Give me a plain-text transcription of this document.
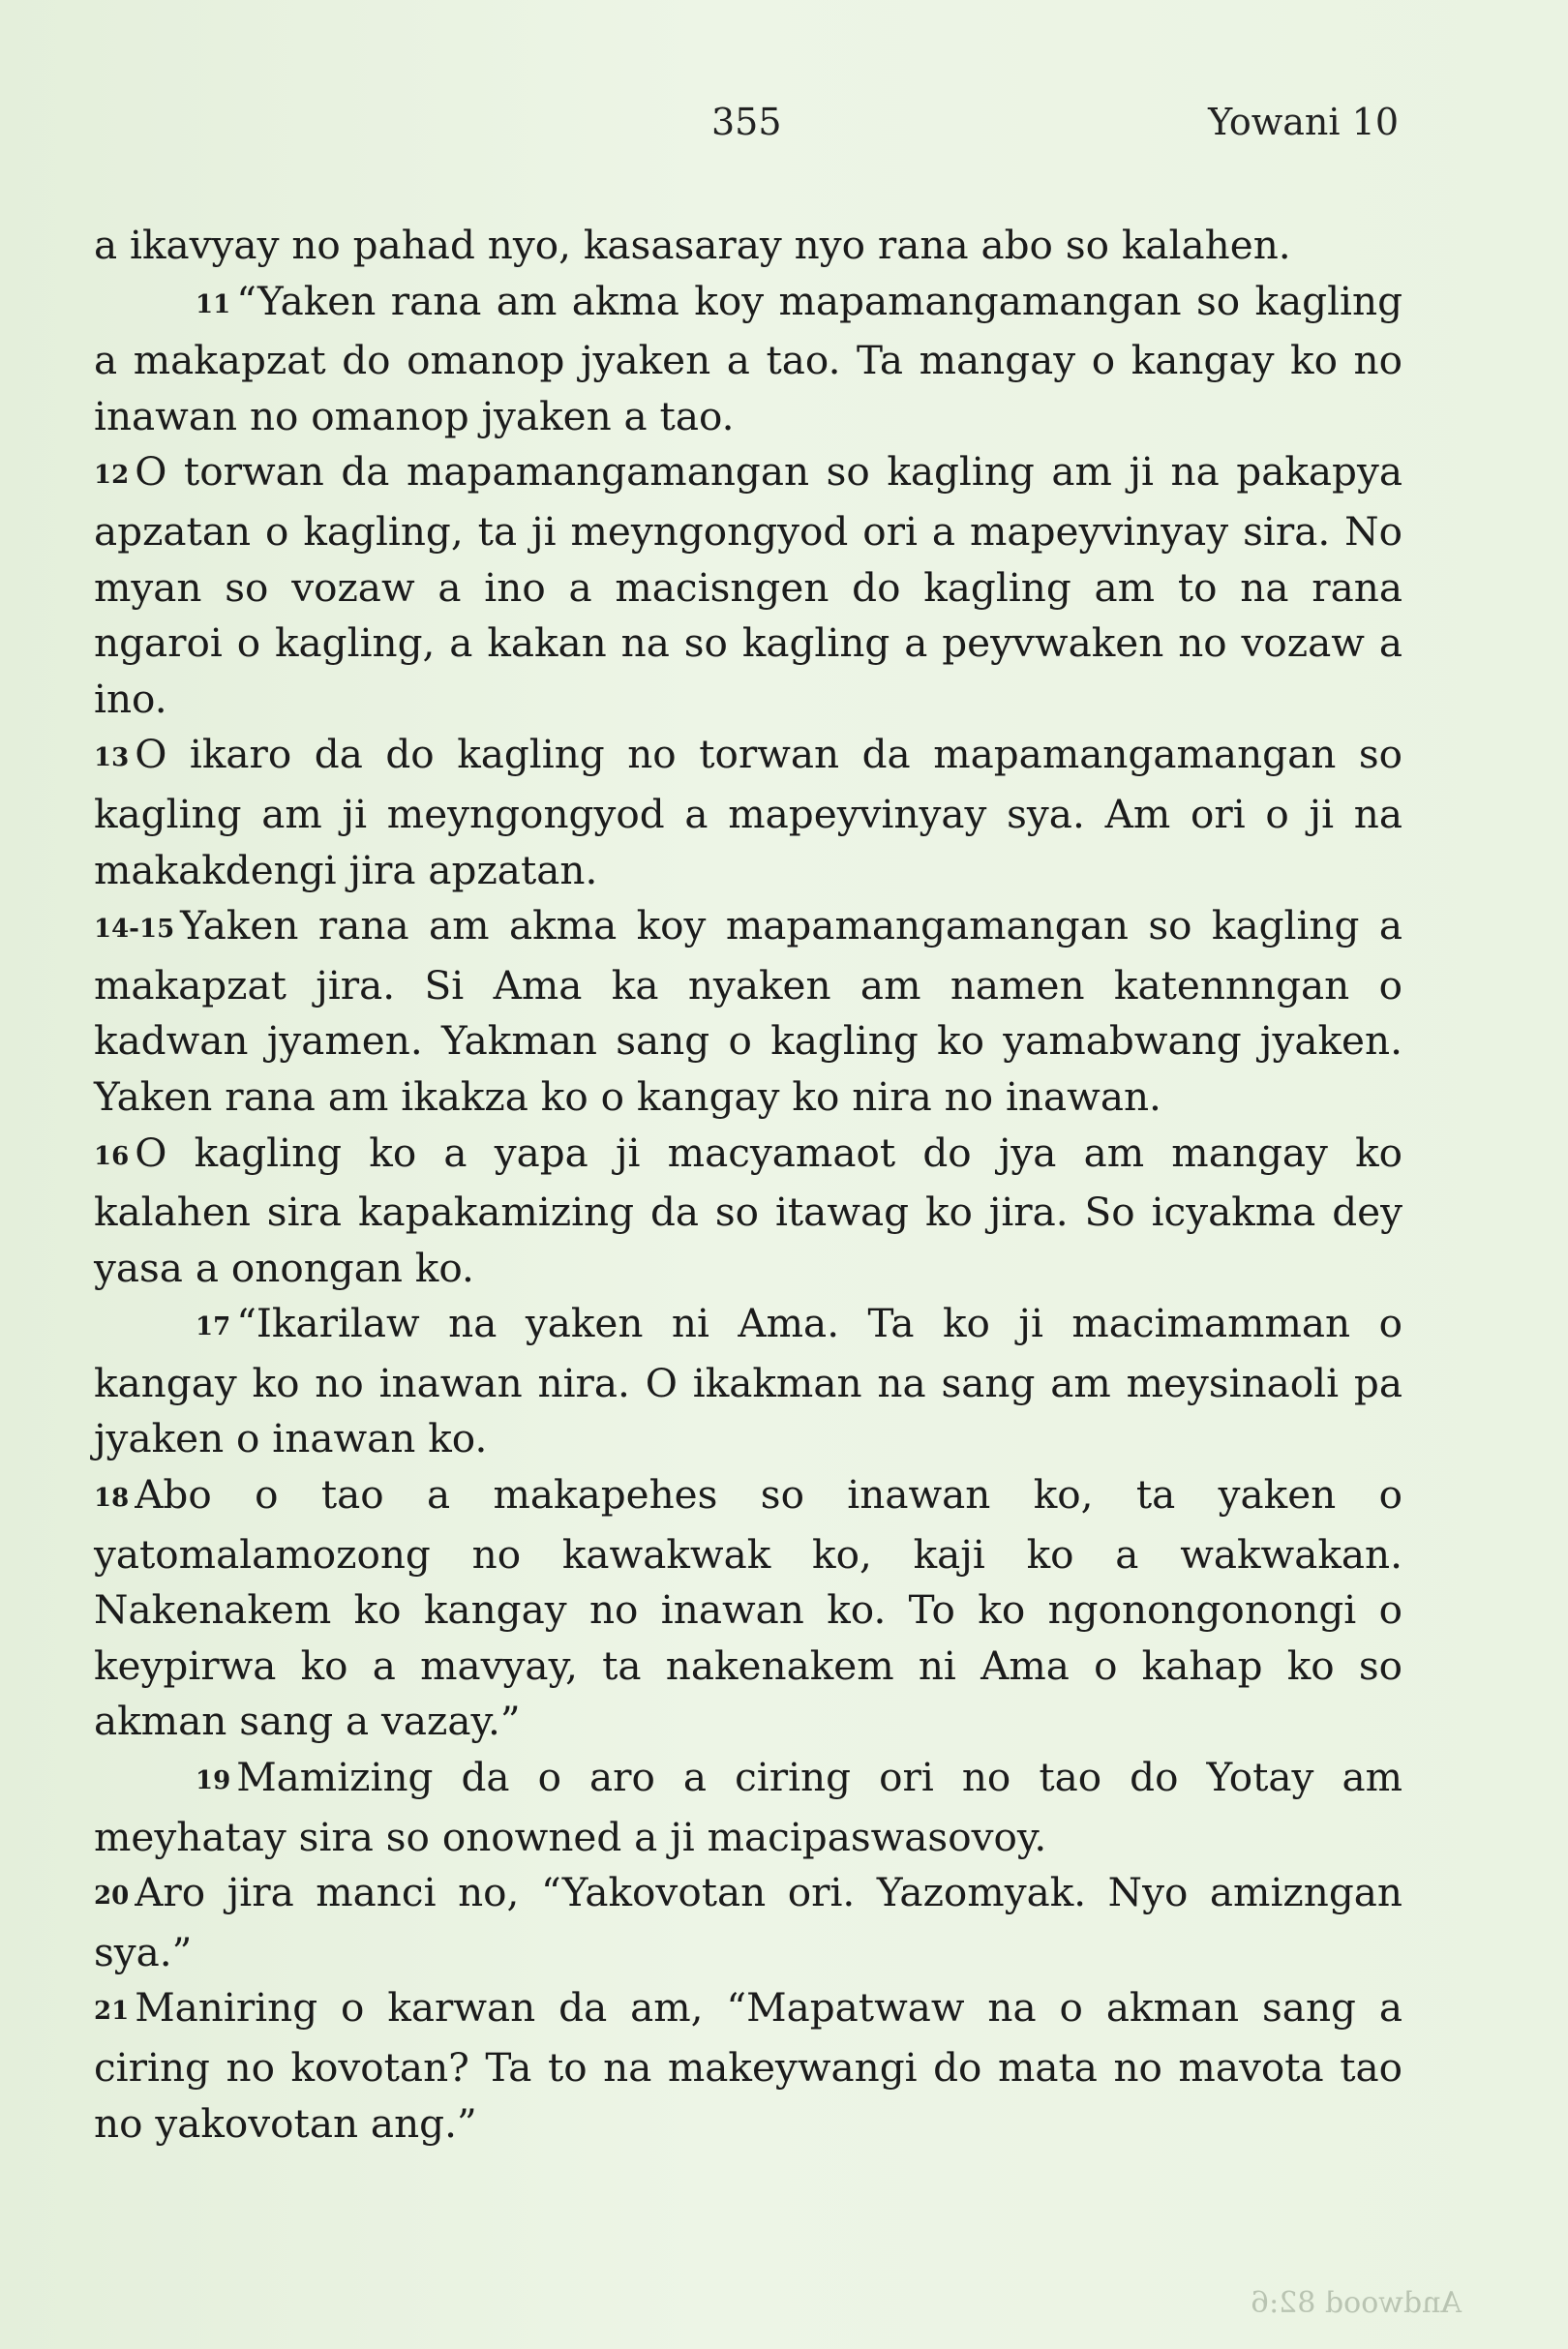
355	Yowani 10

a ikavyay no pahad nyo, kasasaray nyo rana abo so kalahen.

11 “Yaken rana am akma koy mapamangamangan so kagling a makapzat do omanop jyaken a tao. Ta mangay o kangay ko no inawan no omanop jyaken a tao.

12 O torwan da mapamangamangan so kagling am ji na pakapya apzatan o kagling, ta ji meyngongyod ori a mapeyvinyay sira. No myan so vozaw a ino a macisngen do kagling am to na rana ngaroi o kagling, a kakan na so kagling a peyvwaken no vozaw a ino.

13 O ikaro da do kagling no torwan da mapamangamangan so kagling am ji meyngongyod a mapeyvinyay sya. Am ori o ji na makakdengi jira apzatan.

14-15 Yaken rana am akma koy mapamangamangan so kagling a makapzat jira. Si Ama ka nyaken am namen katennngan o kadwan jyamen. Yakman sang o kagling ko yamabwang jyaken. Yaken rana am ikakza ko o kangay ko nira no inawan.

16 O kagling ko a yapa ji macyamaot do jya am mangay ko kalahen sira kapakamizing da so itawag ko jira. So icyakma dey yasa a onongan ko.

17 “Ikarilaw na yaken ni Ama. Ta ko ji macimamman o kangay ko no inawan nira. O ikakman na sang am meysinaoli pa jyaken o inawan ko.

18 Abo o tao a makapehes so inawan ko, ta yaken o yatomalamozong no kawakwak ko, kaji ko a wakwakan. Nakenakem ko kangay no inawan ko. To ko ngonongonongi o keypirwa ko a mavyay, ta nakenakem ni Ama o kahap ko so akman sang a vazay.”

19 Mamizing da o aro a ciring ori no tao do Yotay am meyhatay sira so onowned a ji macipaswasovoy.

20 Aro jira manci no, “Yakovotan ori. Yazomyak. Nyo amizngan sya.”

21 Maniring o karwan da am, “Mapatwaw na o akman sang a ciring no kovotan? Ta to na makeywangi do mata no mavota tao no yakovotan ang.”

Andwood 82:6
